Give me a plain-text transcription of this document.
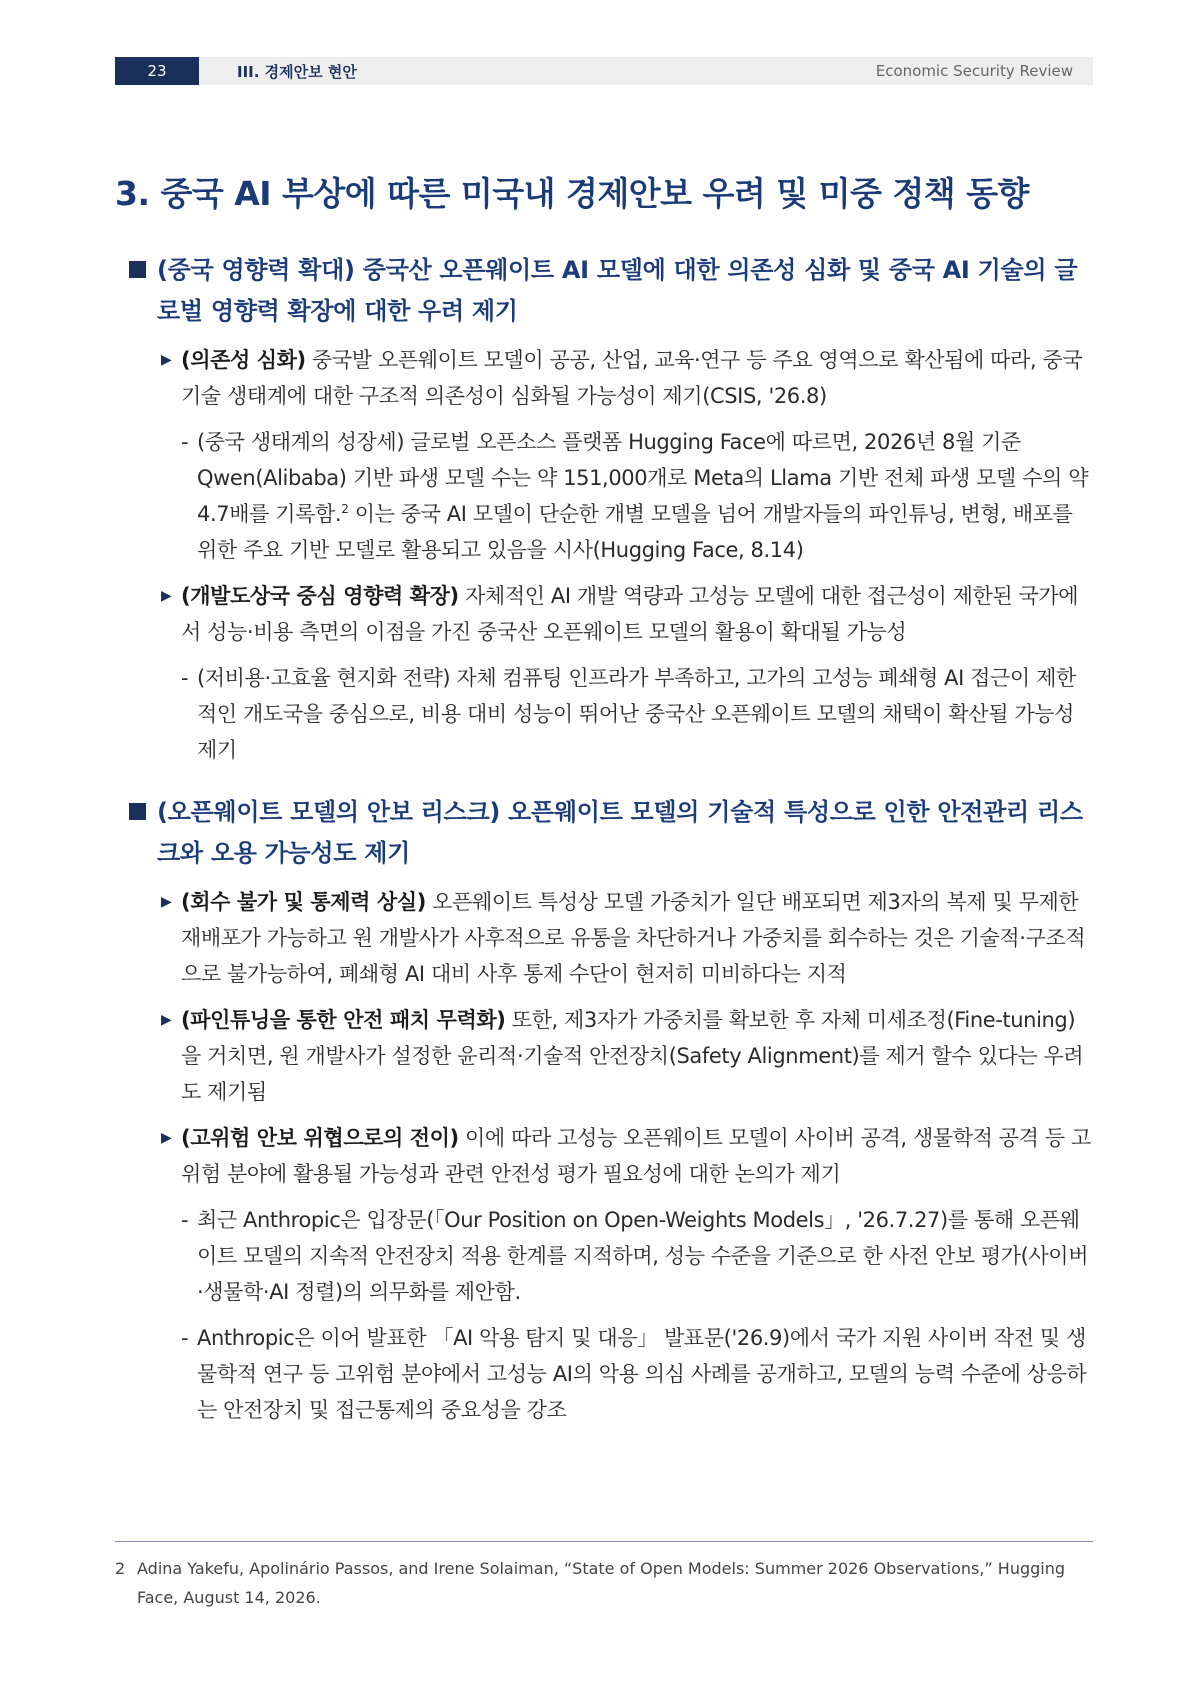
23	III. 경제안보 현안	Economic Security Review
3. 중국 AI 부상에 따른 미국내 경제안보 우려 및 미중 정책 동향
(중국 영향력 확대) 중국산 오픈웨이트 AI 모델에 대한 의존성 심화 및 중국 AI 기술의 글로벌 영향력 확장에 대한 우려 제기
▶ (의존성 심화) 중국발 오픈웨이트 모델이 공공, 산업, 교육·연구 등 주요 영역으로 확산됨에 따라, 중국 기술 생태계에 대한 구조적 의존성이 심화될 가능성이 제기(CSIS, '26.8)
- (중국 생태계의 성장세) 글로벌 오픈소스 플랫폼 Hugging Face에 따르면, 2026년 8월 기준 Qwen(Alibaba) 기반 파생 모델 수는 약 151,000개로 Meta의 Llama 기반 전체 파생 모델 수의 약 4.7배를 기록함.$^2$ 이는 중국 AI 모델이 단순한 개별 모델을 넘어 개발자들의 파인튜닝, 변형, 배포를 위한 주요 기반 모델로 활용되고 있음을 시사(Hugging Face, 8.14)
▶ (개발도상국 중심 영향력 확장) 자체적인 AI 개발 역량과 고성능 모델에 대한 접근성이 제한된 국가에서 성능·비용 측면의 이점을 가진 중국산 오픈웨이트 모델의 활용이 확대될 가능성
- (저비용·고효율 현지화 전략) 자체 컴퓨팅 인프라가 부족하고, 고가의 고성능 폐쇄형 AI 접근이 제한적인 개도국을 중심으로, 비용 대비 성능이 뛰어난 중국산 오픈웨이트 모델의 채택이 확산될 가능성 제기
(오픈웨이트 모델의 안보 리스크) 오픈웨이트 모델의 기술적 특성으로 인한 안전관리 리스크와 오용 가능성도 제기
▶ (회수 불가 및 통제력 상실) 오픈웨이트 특성상 모델 가중치가 일단 배포되면 제3자의 복제 및 무제한 재배포가 가능하고 원 개발사가 사후적으로 유통을 차단하거나 가중치를 회수하는 것은 기술적·구조적으로 불가능하여, 폐쇄형 AI 대비 사후 통제 수단이 현저히 미비하다는 지적
▶ (파인튜닝을 통한 안전 패치 무력화) 또한, 제3자가 가중치를 확보한 후 자체 미세조정(Fine-tuning)을 거치면, 원 개발사가 설정한 윤리적·기술적 안전장치(Safety Alignment)를 제거 할수 있다는 우려도 제기됨
▶ (고위험 안보 위협으로의 전이) 이에 따라 고성능 오픈웨이트 모델이 사이버 공격, 생물학적 공격 등 고위험 분야에 활용될 가능성과 관련 안전성 평가 필요성에 대한 논의가 제기
- 최근 Anthropic은 입장문(「Our Position on Open-Weights Models」, '26.7.27)를 통해 오픈웨이트 모델의 지속적 안전장치 적용 한계를 지적하며, 성능 수준을 기준으로 한 사전 안보 평가(사이버·생물학·AI 정렬)의 의무화를 제안함.
- Anthropic은 이어 발표한 「AI 악용 탐지 및 대응」 발표문('26.9)에서 국가 지원 사이버 작전 및 생물학적 연구 등 고위험 분야에서 고성능 AI의 악용 의심 사례를 공개하고, 모델의 능력 수준에 상응하는 안전장치 및 접근통제의 중요성을 강조
2 Adina Yakefu, Apolinário Passos, and Irene Solaiman, “State of Open Models: Summer 2026 Observations,” Hugging Face, August 14, 2026.
